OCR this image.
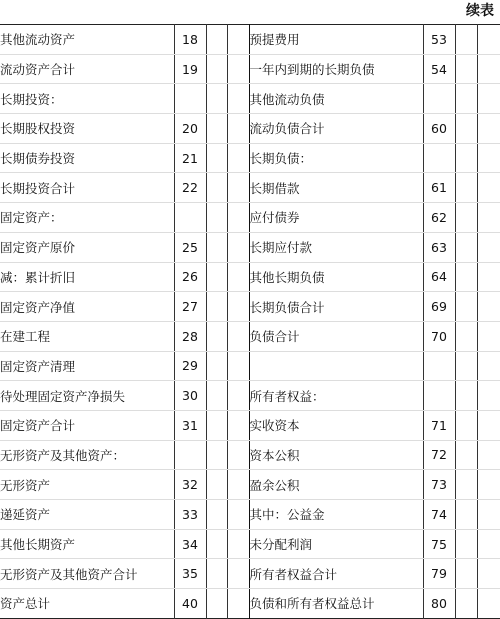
续表
其他流动资产	18			预提费用	53		
流动资产合计	19			一年内到期的长期负债	54		
长期投资：				其他流动负债			
长期股权投资	20			流动负债合计	60		
长期债券投资	21			长期负债：			
长期投资合计	22			长期借款	61		
固定资产：				应付债券	62		
固定资产原价	25			长期应付款	63		
减：累计折旧	26			其他长期负债	64		
固定资产净值	27			长期负债合计	69		
在建工程	28			负债合计	70		
固定资产清理	29						
待处理固定资产净损失	30			所有者权益：			
固定资产合计	31			实收资本	71		
无形资产及其他资产：				资本公积	72		
无形资产	32			盈余公积	73		
递延资产	33			其中：公益金	74		
其他长期资产	34			未分配利润	75		
无形资产及其他资产合计	35			所有者权益合计	79		
资产总计	40			负债和所有者权益总计	80		
